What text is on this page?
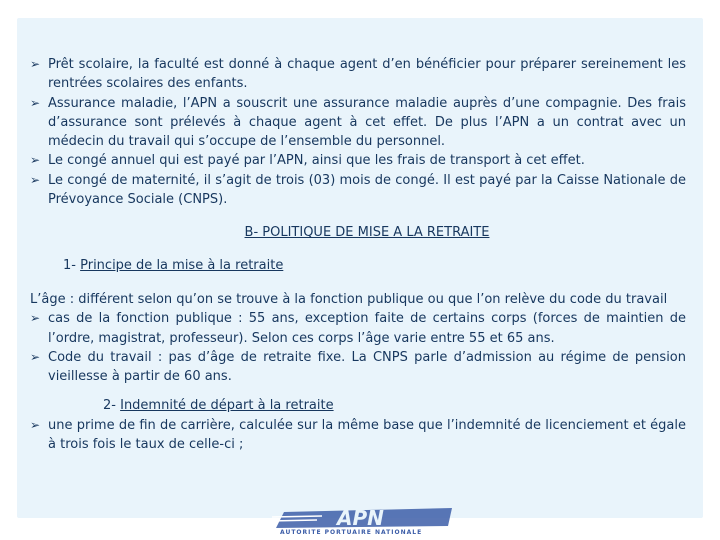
➢ Prêt scolaire, la faculté est donné à chaque agent d’en bénéficier pour préparer sereinement les rentrées scolaires des enfants.
➢ Assurance maladie, l’APN a souscrit une assurance maladie auprès d’une compagnie. Des frais d’assurance sont prélevés à chaque agent à cet effet. De plus l’APN a un contrat avec un médecin du travail qui s’occupe de l’ensemble du personnel.
➢ Le congé annuel qui est payé par l’APN, ainsi que les frais de transport à cet effet.
➢ Le congé de maternité, il s’agit de trois (03) mois de congé. Il est payé par la Caisse Nationale de Prévoyance Sociale (CNPS).
B- POLITIQUE DE MISE A LA RETRAITE
1- Principe de la mise à la retraite
L’âge : différent selon qu’on se trouve à la fonction publique ou que l’on relève du code du travail
➢ cas de la fonction publique : 55 ans, exception faite de certains corps (forces de maintien de l’ordre, magistrat, professeur). Selon ces corps l’âge varie entre 55 et 65 ans.
➢ Code du travail : pas d’âge de retraite fixe. La CNPS parle d’admission au régime de pension vieillesse à partir de 60 ans.
2- Indemnité de départ à la retraite
➢ une prime de fin de carrière, calculée sur la même base que l’indemnité de licenciement et égale à trois fois le taux de celle-ci ;
APN
AUTORITE PORTUAIRE NATIONALE
